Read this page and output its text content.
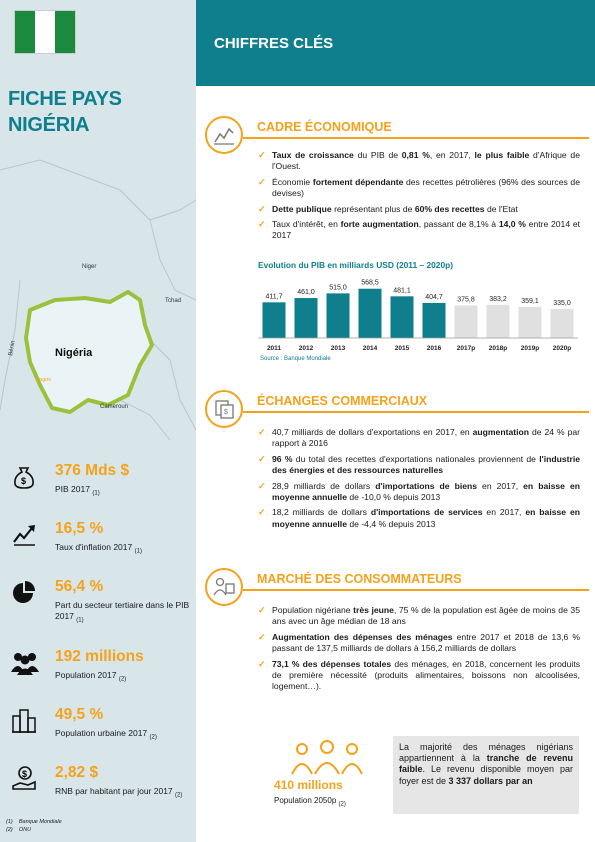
FICHE PAYS
NIGÉRIA
Niger
Tchad
Bénin
Cameroun
Nigéria
Lagos
$
376 Mds $
PIB 2017 $_{(1)}$
16,5 %
Taux d'inflation 2017 $_{(1)}$
56,4 %
Part du secteur tertiaire dans le PIB 2017 $_{(1)}$
192 millions
Population 2017 $_{(2)}$
49,5 %
Population urbaine 2017 $_{(2)}$
$ 2,82 $
RNB par habitant par jour 2017 $_{(2)}$
(1) Banque Mondiale
(2) ONU
CHIFFRES CLÉS
CADRE ÉCONOMIQUE
✓ Taux de croissance du PIB de 0,81 %, en 2017, le plus faible d'Afrique de l'Ouest.
✓ Économie fortement dépendante des recettes pétrolières (96% des sources de devises)
✓ Dette publique représentant plus de 60% des recettes de l'Etat
✓ Taux d'intérêt, en forte augmentation, passant de 8,1% à 14,0 % entre 2014 et 2017
Evolution du PIB en milliards USD (2011 – 2020p)
411,7
2011
461,0
2012
515,0
2013
568,5
2014
481,1
2015
404,7
2016
375,8
2017p
383,2
2018p
359,1
2019p
335,0
2020p
Source : Banque Mondiale
$
ÉCHANGES COMMERCIAUX
✓ 40,7 milliards de dollars d'exportations en 2017, en augmentation de 24 % par rapport à 2016
✓ 96 % du total des recettes d'exportations nationales proviennent de l'industrie des énergies et des ressources naturelles
✓ 28,9 milliards de dollars d'importations de biens en 2017, en baisse en moyenne annuelle de -10,0 % depuis 2013
✓ 18,2 milliards de dollars d'importations de services en 2017, en baisse en moyenne annuelle de -4,4 % depuis 2013
MARCHÉ DES CONSOMMATEURS
✓ Population nigériane très jeune, 75 % de la population est âgée de moins de 35 ans avec un âge médian de 18 ans
✓ Augmentation des dépenses des ménages entre 2017 et 2018 de 13,6 % passant de 137,5 milliards de dollars à 156,2 milliards de dollars
✓ 73,1 % des dépenses totales des ménages, en 2018, concernent les produits de première nécessité (produits alimentaires, boissons non alcoolisées, logement…).
410 millions
Population 2050p $_{(2)}$
La majorité des ménages nigérians appartiennent à la tranche de revenu faible. Le revenu disponible moyen par foyer est de 3 337 dollars par an
